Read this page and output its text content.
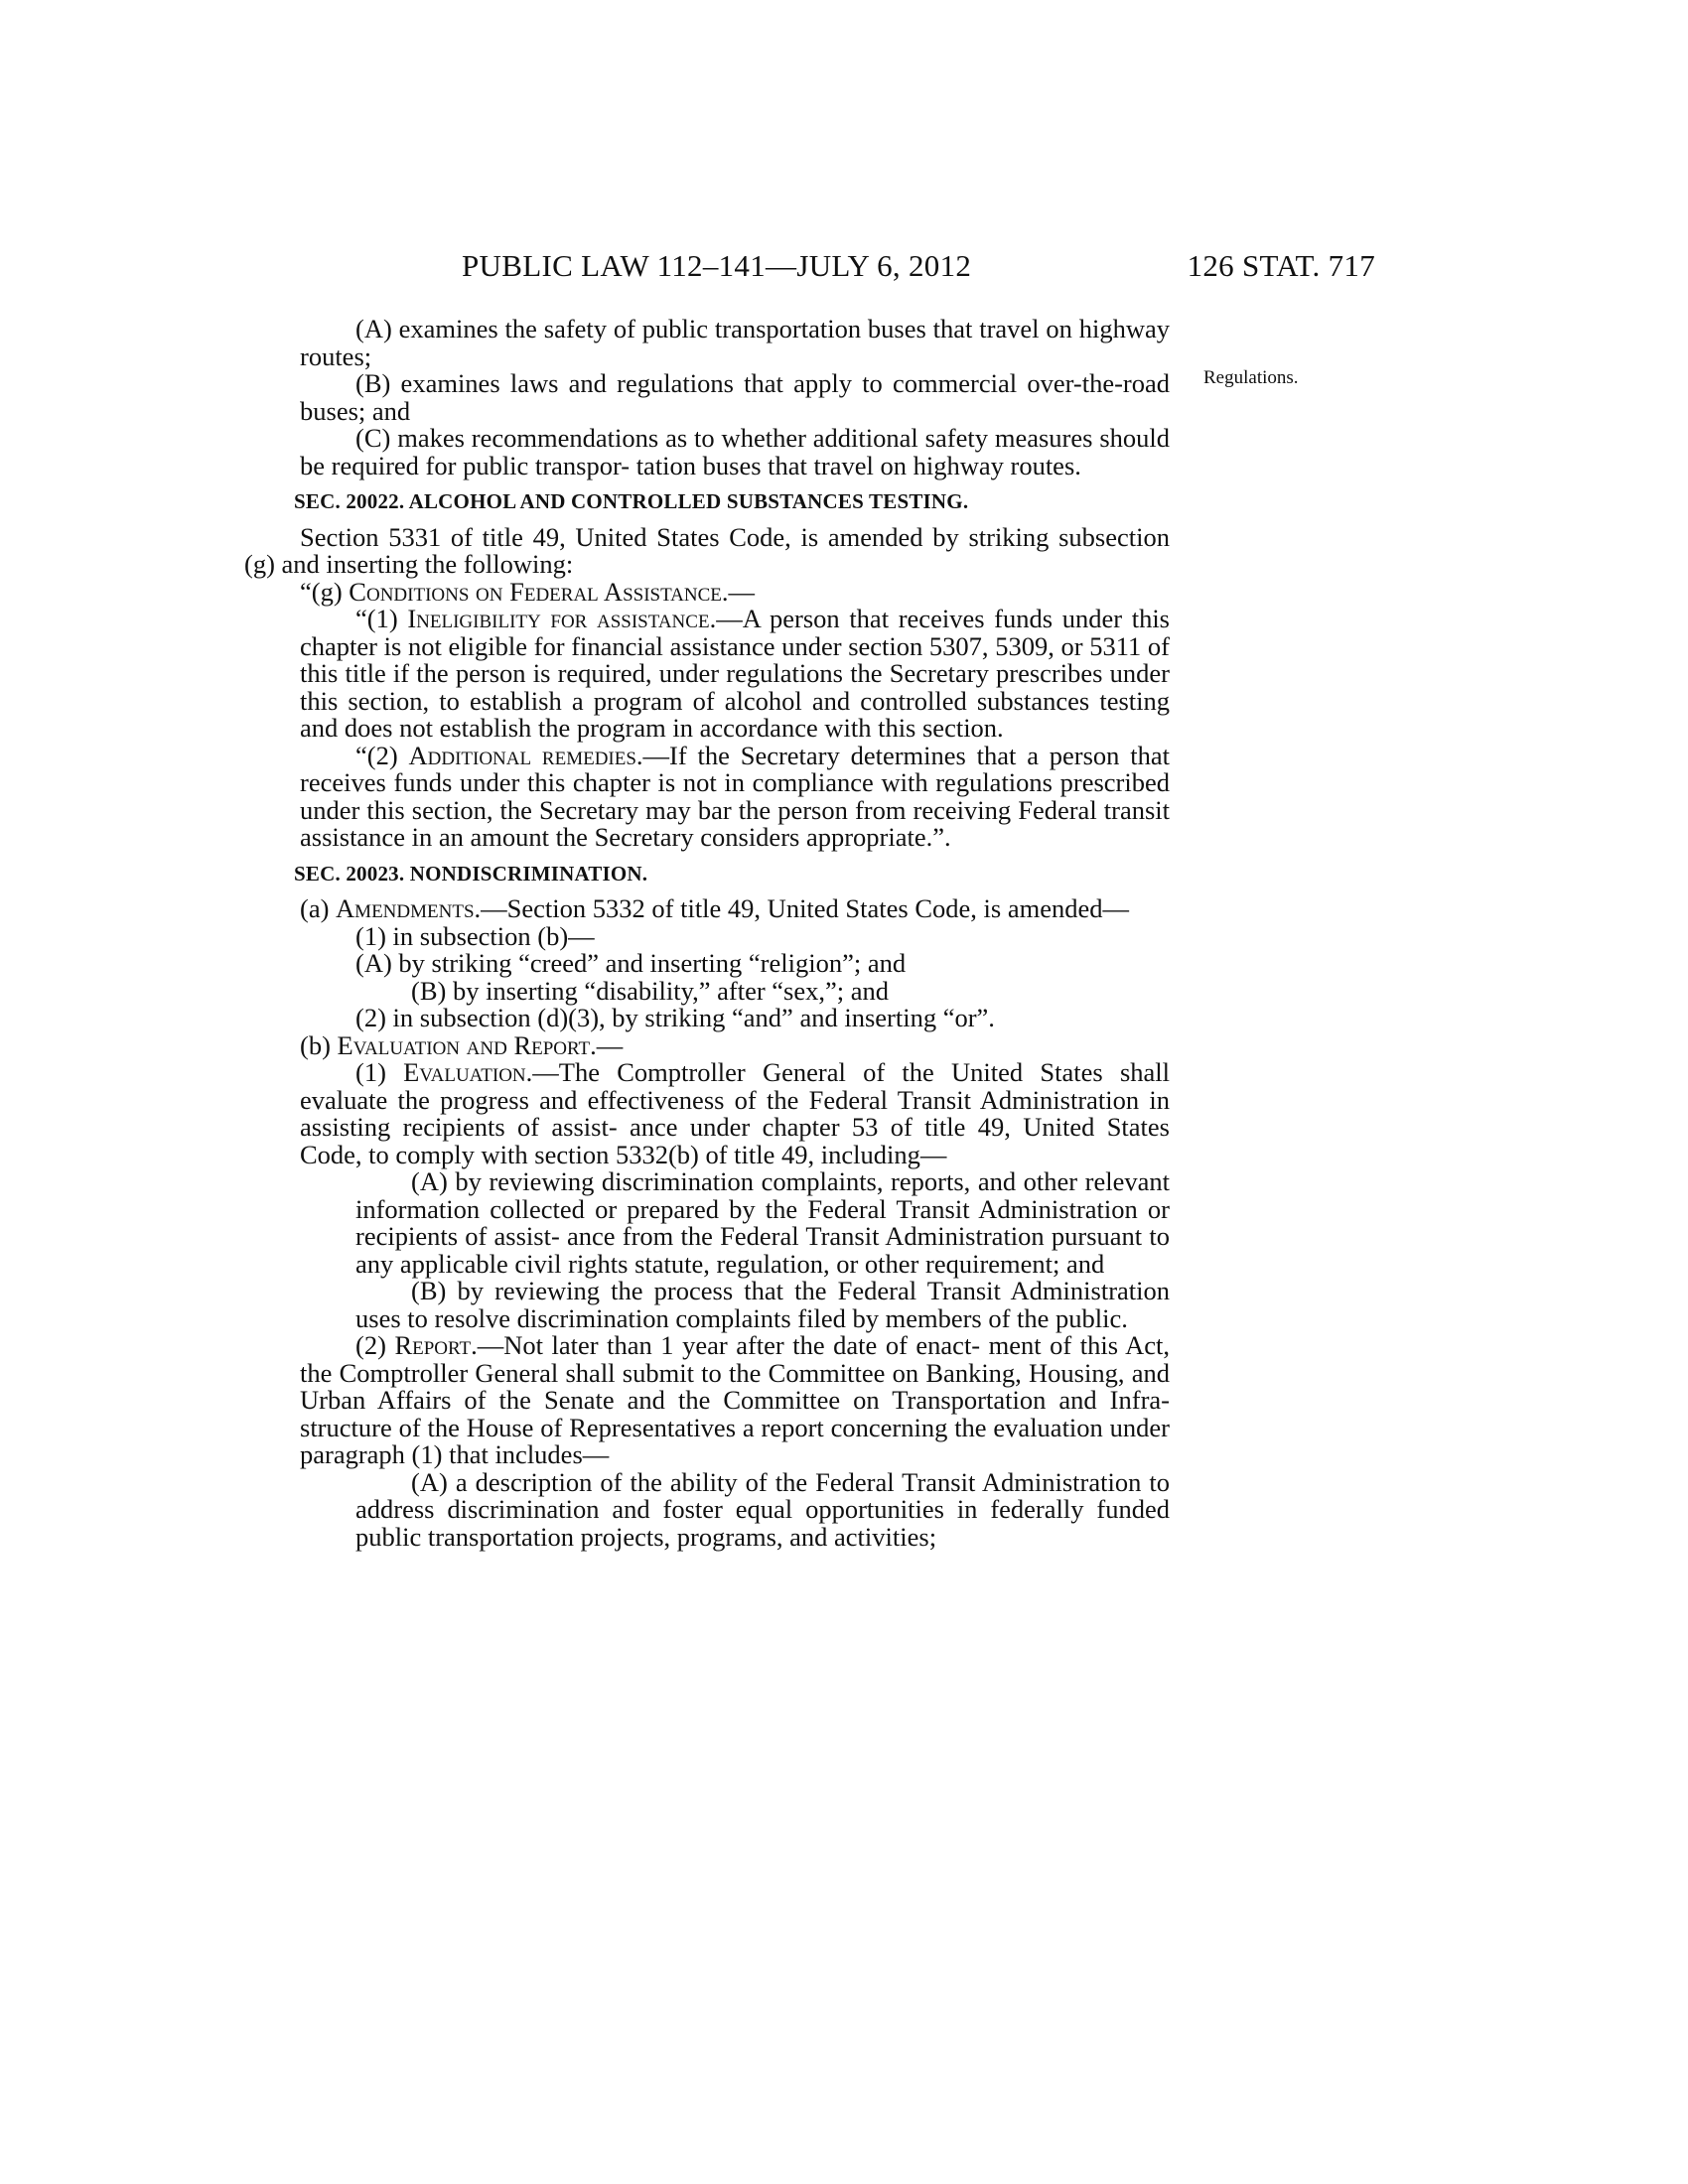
PUBLIC LAW 112–141—JULY 6, 2012	126 STAT. 717
Regulations.

(A) examines the safety of public transportation buses that travel on highway routes;

(B) examines laws and regulations that apply to commercial over-the-road buses; and

(C) makes recommendations as to whether additional safety measures should be required for public transpor- tation buses that travel on highway routes.

SEC. 20022. ALCOHOL AND CONTROLLED SUBSTANCES TESTING.

Section 5331 of title 49, United States Code, is amended by striking subsection (g) and inserting the following:

“(g) Conditions on Federal Assistance.—

“(1) Ineligibility for assistance.—A person that receives funds under this chapter is not eligible for financial assistance under section 5307, 5309, or 5311 of this title if the person is required, under regulations the Secretary prescribes under this section, to establish a program of alcohol and controlled substances testing and does not establish the program in accordance with this section.

“(2) Additional remedies.—If the Secretary determines that a person that receives funds under this chapter is not in compliance with regulations prescribed under this section, the Secretary may bar the person from receiving Federal transit assistance in an amount the Secretary considers appropriate.”.

SEC. 20023. NONDISCRIMINATION.

(a) Amendments.—Section 5332 of title 49, United States Code, is amended—

(1) in subsection (b)—

(A) by striking “creed” and inserting “religion”; and

(B) by inserting “disability,” after “sex,”; and

(2) in subsection (d)(3), by striking “and” and inserting “or”.

(b) Evaluation and Report.—

(1) Evaluation.—The Comptroller General of the United States shall evaluate the progress and effectiveness of the Federal Transit Administration in assisting recipients of assist- ance under chapter 53 of title 49, United States Code, to comply with section 5332(b) of title 49, including—

(A) by reviewing discrimination complaints, reports, and other relevant information collected or prepared by the Federal Transit Administration or recipients of assist- ance from the Federal Transit Administration pursuant to any applicable civil rights statute, regulation, or other requirement; and

(B) by reviewing the process that the Federal Transit Administration uses to resolve discrimination complaints filed by members of the public.

(2) Report.—Not later than 1 year after the date of enact- ment of this Act, the Comptroller General shall submit to the Committee on Banking, Housing, and Urban Affairs of the Senate and the Committee on Transportation and Infra- structure of the House of Representatives a report concerning the evaluation under paragraph (1) that includes—

(A) a description of the ability of the Federal Transit Administration to address discrimination and foster equal opportunities in federally funded public transportation projects, programs, and activities;
